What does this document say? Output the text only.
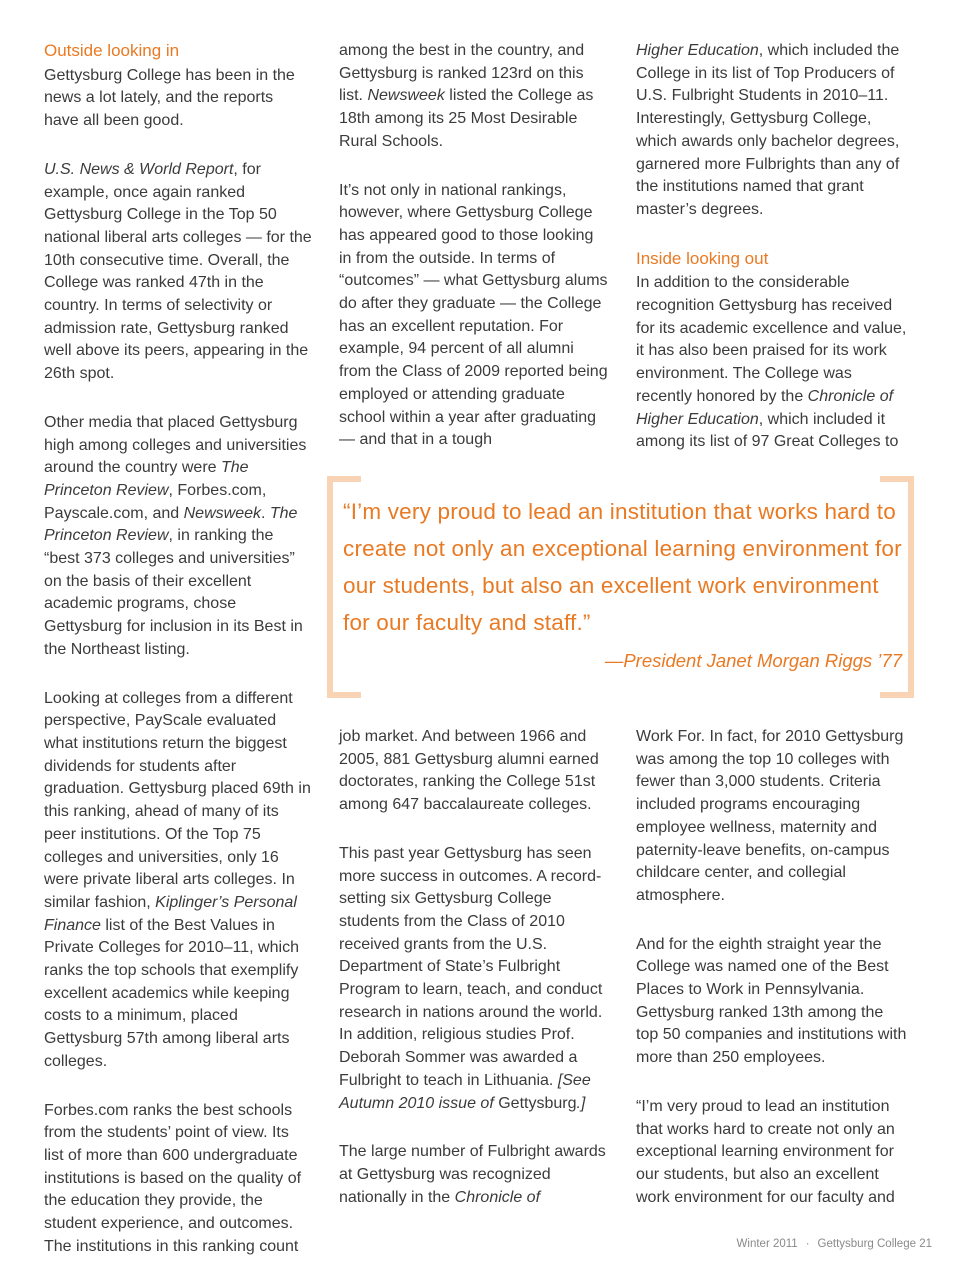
Outside looking in

Gettysburg College has been in the news a lot lately, and the reports have all been good.

U.S. News & World Report, for example, once again ranked Gettysburg College in the Top 50 national liberal arts colleges — for the 10th consecutive time. Overall, the College was ranked 47th in the country. In terms of selectivity or admission rate, Gettysburg ranked well above its peers, appearing in the 26th spot.

Other media that placed Gettysburg high among colleges and universities around the country were The Princeton Review, Forbes.com, Payscale.com, and Newsweek. The Princeton Review, in ranking the “best 373 colleges and universities” on the basis of their excellent academic programs, chose Gettysburg for inclusion in its Best in the Northeast listing.

Looking at colleges from a different perspective, PayScale evaluated what institutions return the biggest dividends for students after graduation. Gettysburg placed 69th in this ranking, ahead of many of its peer institutions. Of the Top 75 colleges and universities, only 16 were private liberal arts colleges. In similar fashion, Kiplinger’s Personal Finance list of the Best Values in Private Colleges for 2010–11, which ranks the top schools that exemplify excellent academics while keeping costs to a minimum, placed Gettysburg 57th among liberal arts colleges.

Forbes.com ranks the best schools from the students’ point of view. Its list of more than 600 undergraduate institutions is based on the quality of the education they provide, the student experience, and outcomes. The institutions in this ranking count

among the best in the country, and Gettysburg is ranked 123rd on this list. Newsweek listed the College as 18th among its 25 Most Desirable Rural Schools.

It’s not only in national rankings, however, where Gettysburg College has appeared good to those looking in from the outside. In terms of “outcomes” — what Gettysburg alums do after they graduate — the College has an excellent reputation. For example, 94 percent of all alumni from the Class of 2009 reported being employed or attending graduate school within a year after graduating — and that in a tough

Higher Education, which included the College in its list of Top Producers of U.S. Fulbright Students in 2010–11. Interestingly, Gettysburg College, which awards only bachelor degrees, garnered more Fulbrights than any of the institutions named that grant master’s degrees.

Inside looking out

In addition to the considerable recognition Gettysburg has received for its academic excellence and value, it has also been praised for its work environment. The College was recently honored by the Chronicle of Higher Education, which included it among its list of 97 Great Colleges to

“I’m very proud to lead an institution that works hard to create not only an exceptional learning environment for our students, but also an excellent work environment for our faculty and staff.”
—President Janet Morgan Riggs ’77

job market. And between 1966 and 2005, 881 Gettysburg alumni earned doctorates, ranking the College 51st among 647 baccalaureate colleges.

This past year Gettysburg has seen more success in outcomes. A record-setting six Gettysburg College students from the Class of 2010 received grants from the U.S. Department of State’s Fulbright Program to learn, teach, and conduct research in nations around the world. In addition, religious studies Prof. Deborah Sommer was awarded a Fulbright to teach in Lithuania. [See Autumn 2010 issue of Gettysburg.]

The large number of Fulbright awards at Gettysburg was recognized nationally in the Chronicle of

Work For. In fact, for 2010 Gettysburg was among the top 10 colleges with fewer than 3,000 students. Criteria included programs encouraging employee wellness, maternity and paternity-leave benefits, on-campus childcare center, and collegial atmosphere.

And for the eighth straight year the College was named one of the Best Places to Work in Pennsylvania. Gettysburg ranked 13th among the top 50 companies and institutions with more than 250 employees.

“I’m very proud to lead an institution that works hard to create not only an exceptional learning environment for our students, but also an excellent work environment for our faculty and

Winter 2011 · Gettysburg College 21
